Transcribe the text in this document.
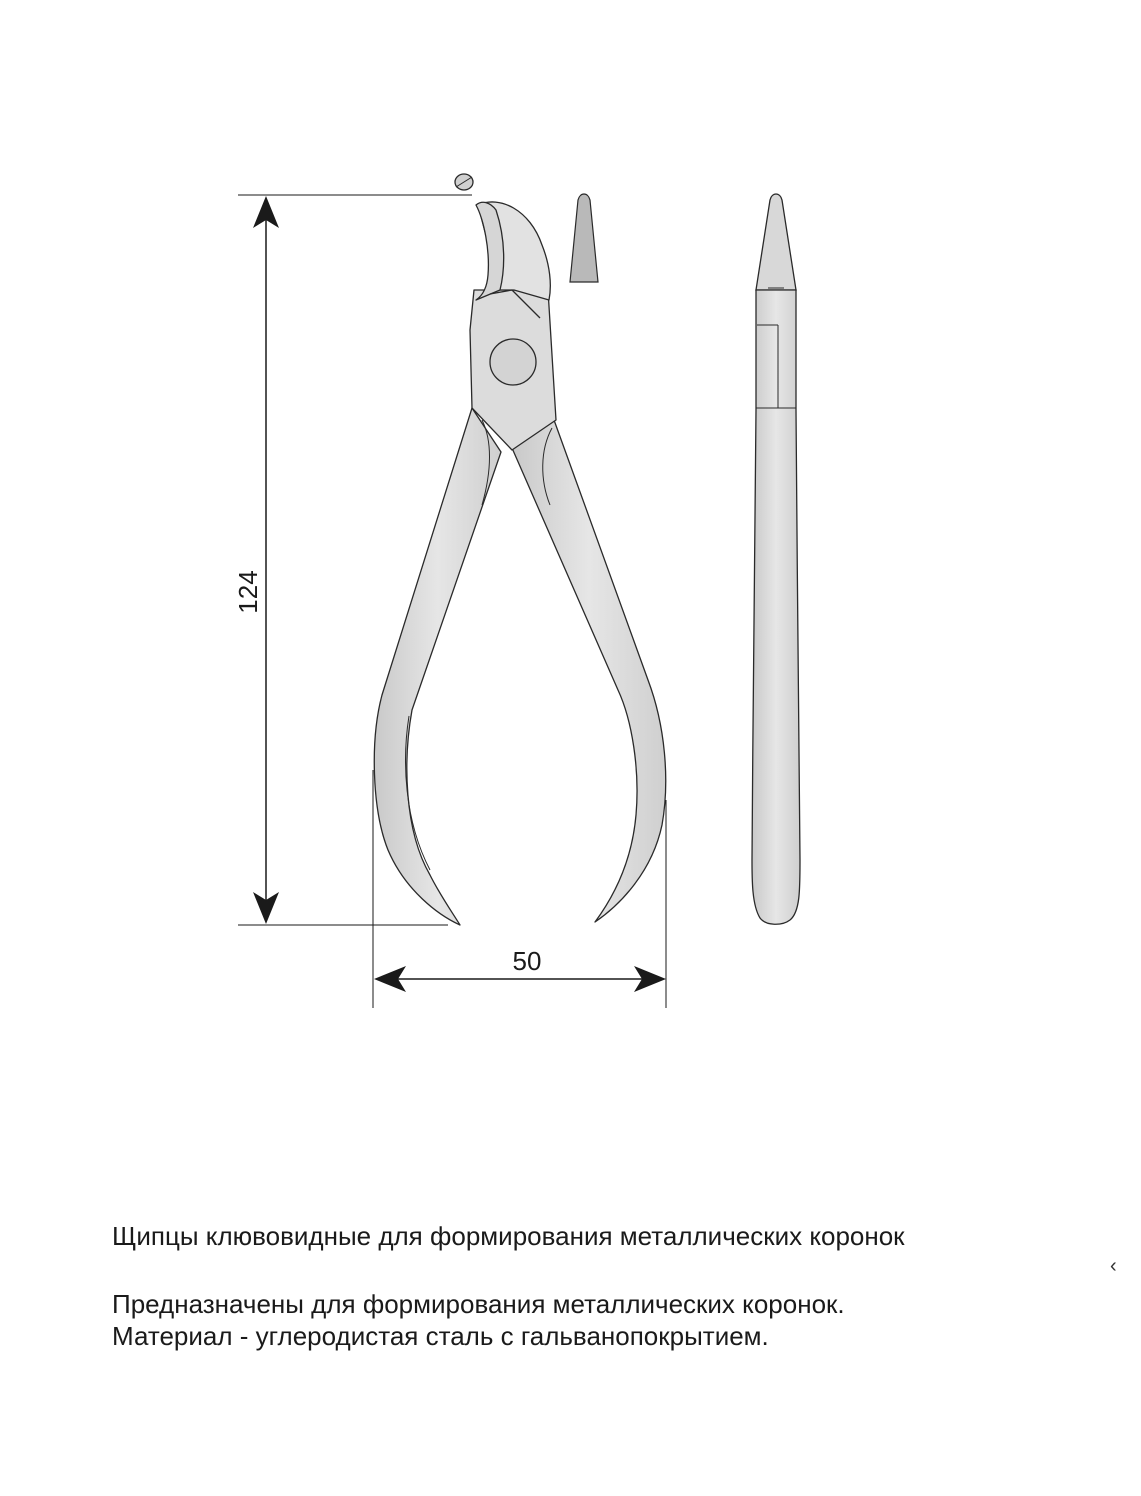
124
50
Щипцы клювовидные для формирования металлических коронок
Предназначены для формирования металлических коронок.
Материал - углеродистая сталь с гальванопокрытием.
‹
